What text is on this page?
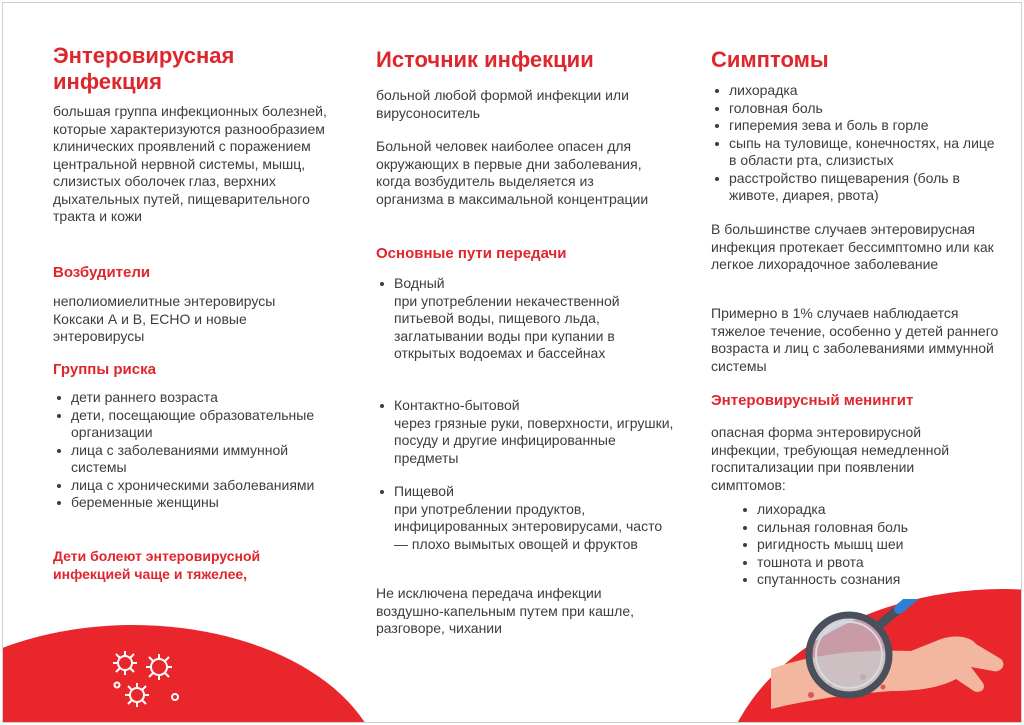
Энтеровирусная инфекция

большая группа инфекционных болезней, которые характеризуются разнообразием клинических проявлений с поражением центральной нервной системы, мышц, слизистых оболочек глаз, верхних дыхательных путей, пищеварительного тракта и кожи

Возбудители

неполиомиелитные энтеровирусы Коксаки А и В, ЕСНО и новые энтеровирусы

Группы риска
дети раннего возраста
дети, посещающие образовательные организации
лица с заболеваниями иммунной системы
лица с хроническими заболеваниями
беременные женщины

Дети болеют энтеровирусной инфекцией чаще и тяжелее,

Источник инфекции

больной любой формой инфекции или вирусоноситель

Больной человек наиболее опасен для окружающих в первые дни заболевания, когда возбудитель выделяется из организма в максимальной концентрации

Основные пути передачи
Водный
при употреблении некачественной питьевой воды, пищевого льда, заглатывании воды при купании в открытых водоемах и бассейнах
Контактно-бытовой
через грязные руки, поверхности, игрушки, посуду и другие инфицированные предметы
Пищевой
при употреблении продуктов, инфицированных энтеровирусами, часто — плохо вымытых овощей и фруктов

Не исключена передача инфекции воздушно-капельным путем при кашле, разговоре, чихании

Симптомы
лихорадка
головная боль
гиперемия зева и боль в горле
сыпь на туловище, конечностях, на лице в области рта, слизистых
расстройство пищеварения (боль в животе, диарея, рвота)

В большинстве случаев энтеровирусная инфекция протекает бессимптомно или как легкое лихорадочное заболевание

Примерно в 1% случаев наблюдается тяжелое течение, особенно у детей раннего возраста и лиц с заболеваниями иммунной системы

Энтеровирусный менингит

опасная форма энтеровирусной инфекции, требующая немедленной госпитализации при появлении симптомов:

лихорадка
сильная головная боль
ригидность мышц шеи
тошнота и рвота
спутанность сознания
